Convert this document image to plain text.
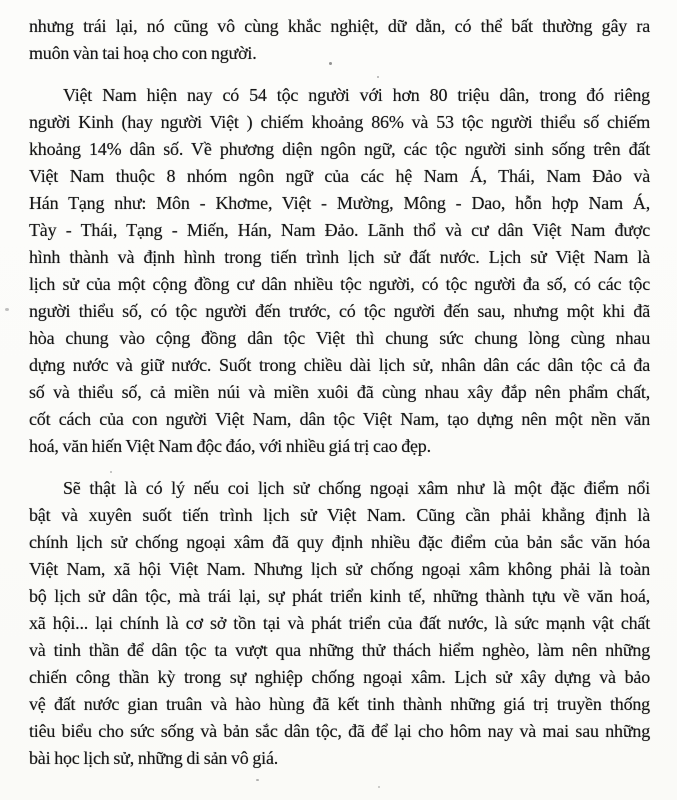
nhưng trái lại, nó cũng vô cùng khắc nghiệt, dữ dằn, có thể bất thường gây ra
muôn vàn tai hoạ cho con người.
Việt Nam hiện nay có 54 tộc người với hơn 80 triệu dân, trong đó riêng
người Kinh (hay người Việt ) chiếm khoảng 86% và 53 tộc người thiểu số chiếm
khoảng 14% dân số. Về phương diện ngôn ngữ, các tộc người sinh sống trên đất
Việt Nam thuộc 8 nhóm ngôn ngữ của các hệ Nam Á, Thái, Nam Đảo và
Hán Tạng như: Môn - Khơme, Việt - Mường, Mông - Dao, hỗn hợp Nam Á,
Tày - Thái, Tạng - Miến, Hán, Nam Đảo. Lãnh thổ và cư dân Việt Nam được
hình thành và định hình trong tiến trình lịch sử đất nước. Lịch sử Việt Nam là
lịch sử của một cộng đồng cư dân nhiều tộc người, có tộc người đa số, có các tộc
người thiểu số, có tộc người đến trước, có tộc người đến sau, nhưng một khi đã
hòa chung vào cộng đồng dân tộc Việt thì chung sức chung lòng cùng nhau
dựng nước và giữ nước. Suốt trong chiều dài lịch sử, nhân dân các dân tộc cả đa
số và thiểu số, cả miền núi và miền xuôi đã cùng nhau xây đắp nên phẩm chất,
cốt cách của con người Việt Nam, dân tộc Việt Nam, tạo dựng nên một nền văn
hoá, văn hiến Việt Nam độc đáo, với nhiều giá trị cao đẹp.
Sẽ thật là có lý nếu coi lịch sử chống ngoại xâm như là một đặc điểm nổi
bật và xuyên suốt tiến trình lịch sử Việt Nam. Cũng cần phải khẳng định là
chính lịch sử chống ngoại xâm đã quy định nhiều đặc điểm của bản sắc văn hóa
Việt Nam, xã hội Việt Nam. Nhưng lịch sử chống ngoại xâm không phải là toàn
bộ lịch sử dân tộc, mà trái lại, sự phát triển kinh tế, những thành tựu về văn hoá,
xã hội... lại chính là cơ sở tồn tại và phát triển của đất nước, là sức mạnh vật chất
và tinh thần để dân tộc ta vượt qua những thử thách hiểm nghèo, làm nên những
chiến công thần kỳ trong sự nghiệp chống ngoại xâm. Lịch sử xây dựng và bảo
vệ đất nước gian truân và hào hùng đã kết tinh thành những giá trị truyền thống
tiêu biểu cho sức sống và bản sắc dân tộc, đã để lại cho hôm nay và mai sau những
bài học lịch sử, những di sản vô giá.
